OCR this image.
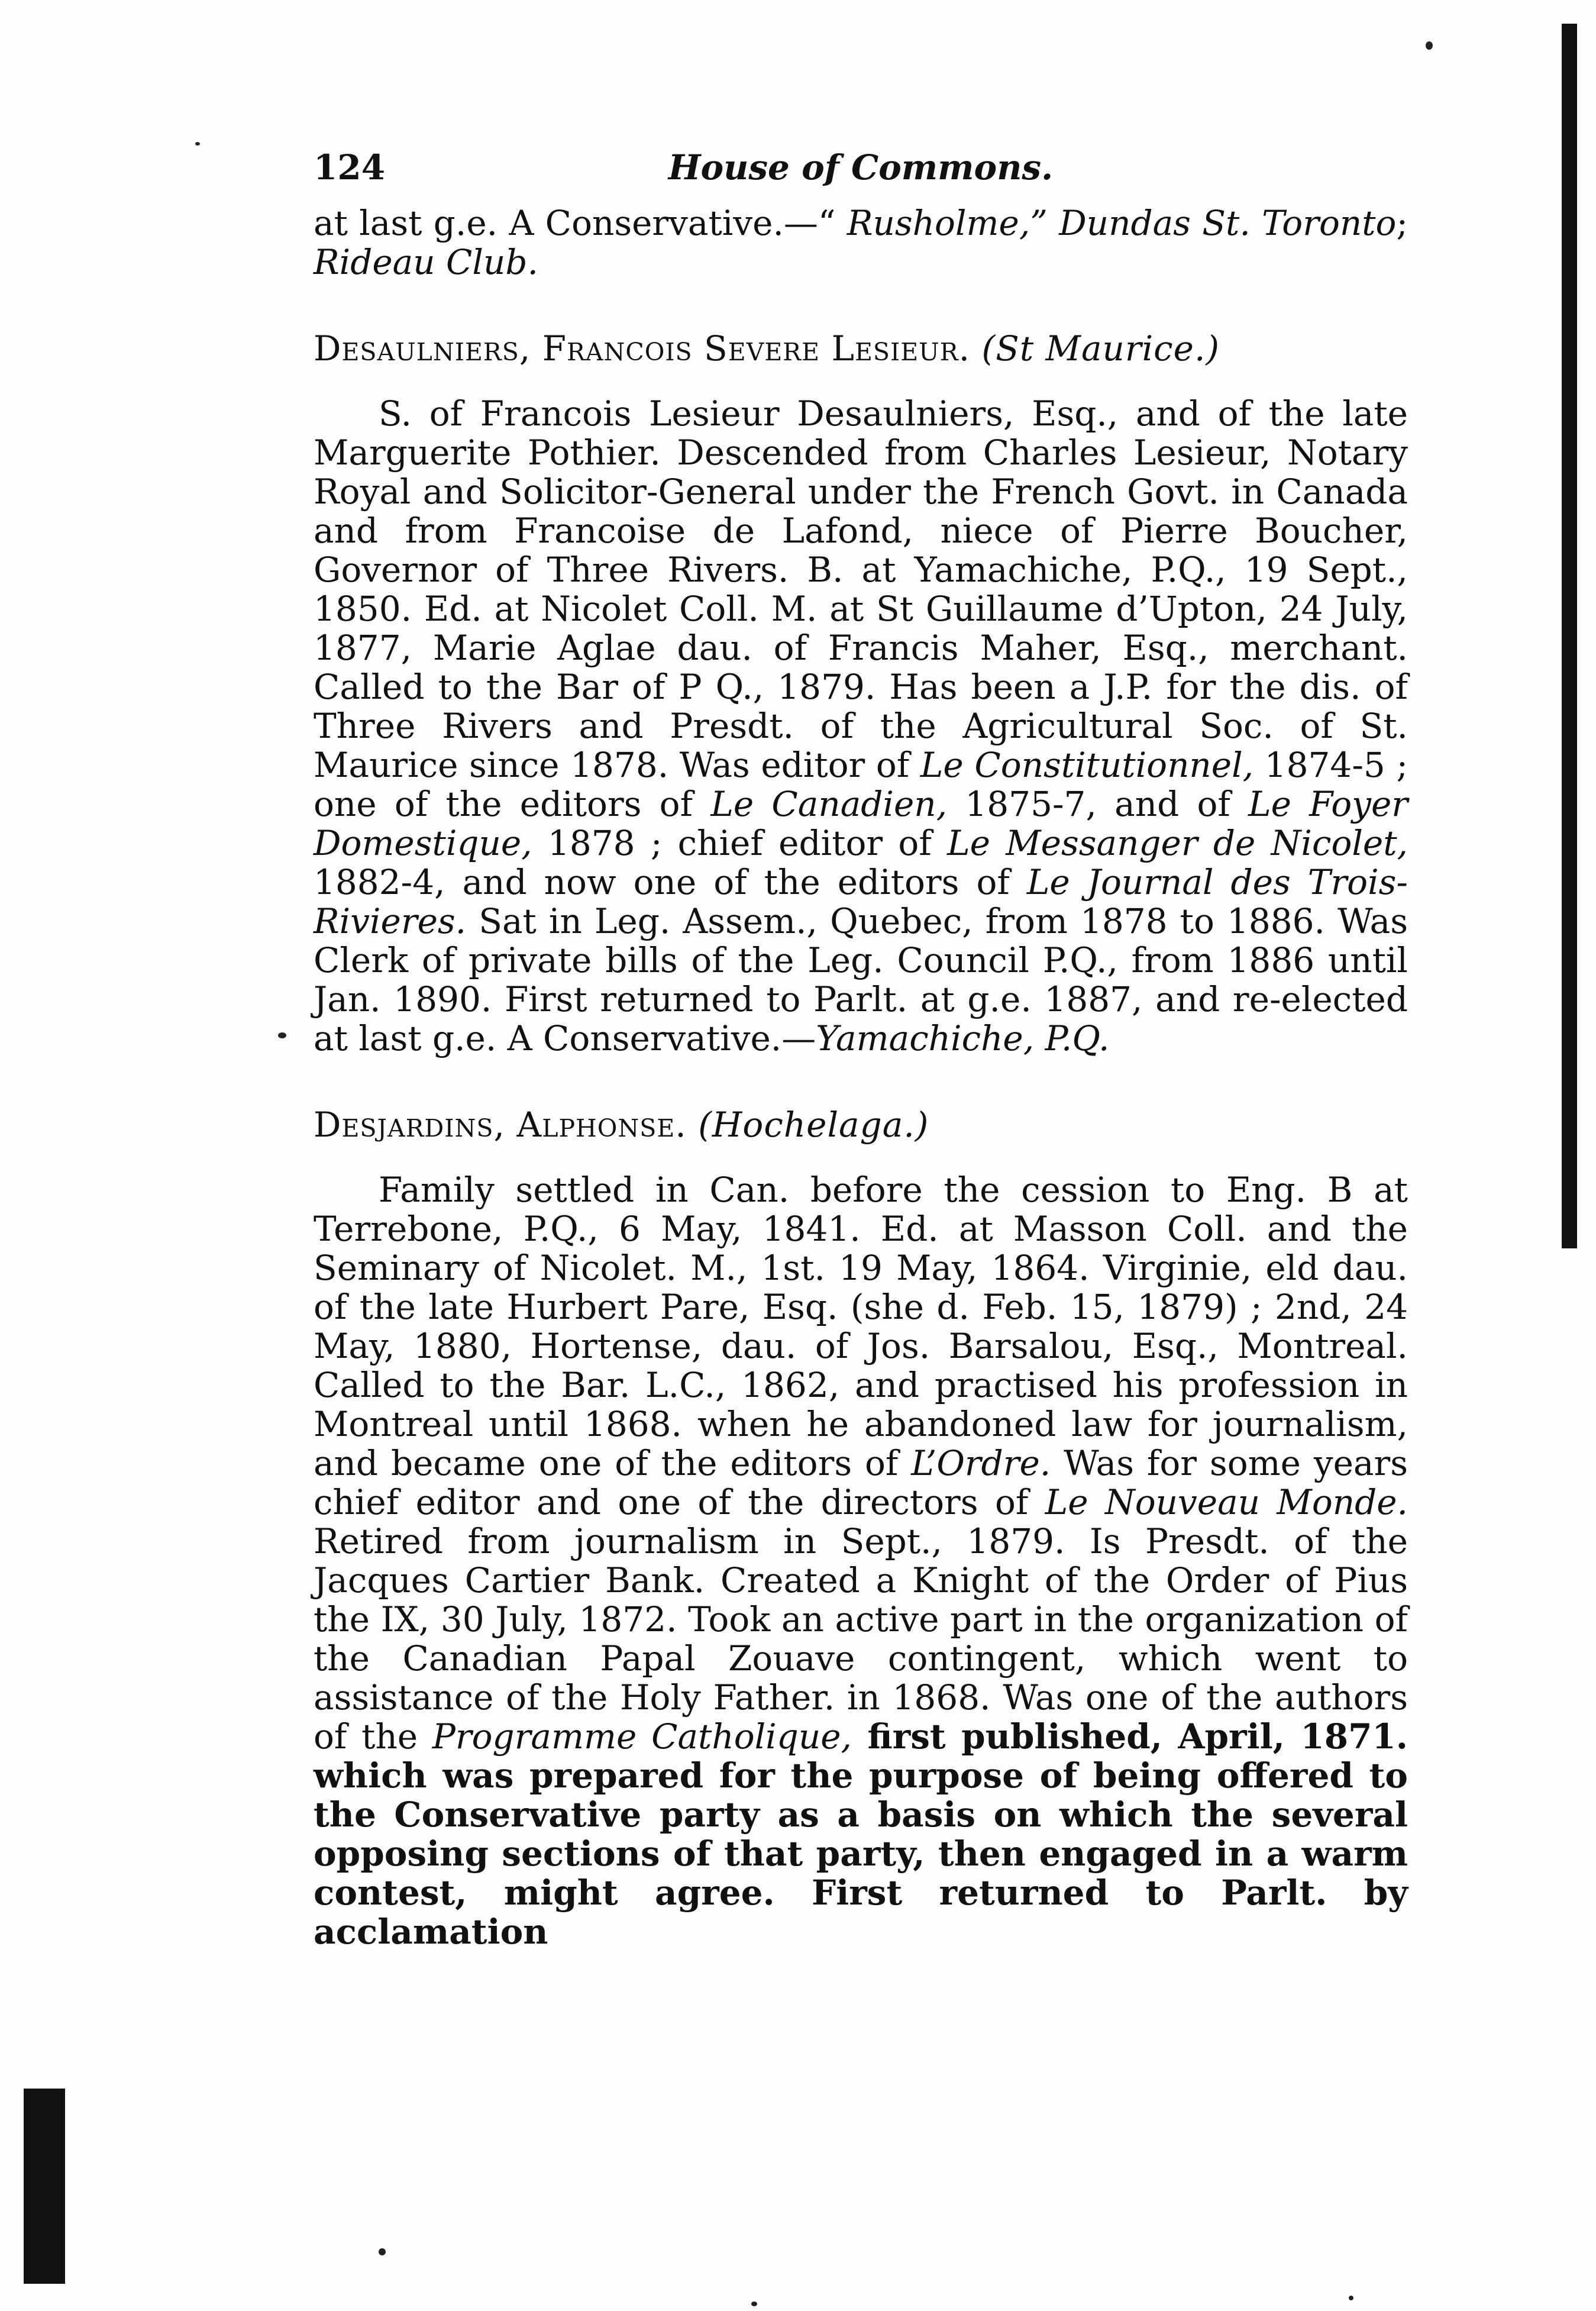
124	House of Commons.

at last g.e. A Conservative.—“ Rusholme,” Dundas St. Toronto; Rideau Club.

Desaulniers, Francois Severe Lesieur. (St Maurice.)

S. of Francois Lesieur Desaulniers, Esq., and of the late Marguerite Pothier. Descended from Charles Lesieur, Notary Royal and Solicitor-General under the French Govt. in Canada and from Francoise de Lafond, niece of Pierre Boucher, Governor of Three Rivers. B. at Yamachiche, P.Q., 19 Sept., 1850. Ed. at Nicolet Coll. M. at St Guillaume d’Upton, 24 July, 1877, Marie Aglae dau. of Francis Maher, Esq., merchant. Called to the Bar of P Q., 1879. Has been a J.P. for the dis. of Three Rivers and Presdt. of the Agricultural Soc. of St. Maurice since 1878. Was editor of Le Constitutionnel, 1874-5 ; one of the editors of Le Canadien, 1875-7, and of Le Foyer Domestique, 1878 ; chief editor of Le Messanger de Nicolet, 1882-4, and now one of the editors of Le Journal des Trois-Rivieres. Sat in Leg. Assem., Quebec, from 1878 to 1886. Was Clerk of private bills of the Leg. Council P.Q., from 1886 until Jan. 1890. First returned to Parlt. at g.e. 1887, and re-elected at last g.e. A Conservative.—Yamachiche, P.Q.

Desjardins, Alphonse. (Hochelaga.)

Family settled in Can. before the cession to Eng. B at Terrebone, P.Q., 6 May, 1841. Ed. at Masson Coll. and the Seminary of Nicolet. M., 1st. 19 May, 1864. Virginie, eld dau. of the late Hurbert Pare, Esq. (she d. Feb. 15, 1879) ; 2nd, 24 May, 1880, Hortense, dau. of Jos. Barsalou, Esq., Montreal. Called to the Bar. L.C., 1862, and practised his profession in Montreal until 1868. when he abandoned law for journalism, and became one of the editors of L’Ordre. Was for some years chief editor and one of the directors of Le Nouveau Monde. Retired from journalism in Sept., 1879. Is Presdt. of the Jacques Cartier Bank. Created a Knight of the Order of Pius the IX, 30 July, 1872. Took an active part in the organization of the Canadian Papal Zouave contingent, which went to assistance of the Holy Father. in 1868. Was one of the authors of the Programme Catholique, first published, April, 1871. which was prepared for the purpose of being offered to the Conservative party as a basis on which the several opposing sections of that party, then engaged in a warm contest, might agree. First returned to Parlt. by acclamation
